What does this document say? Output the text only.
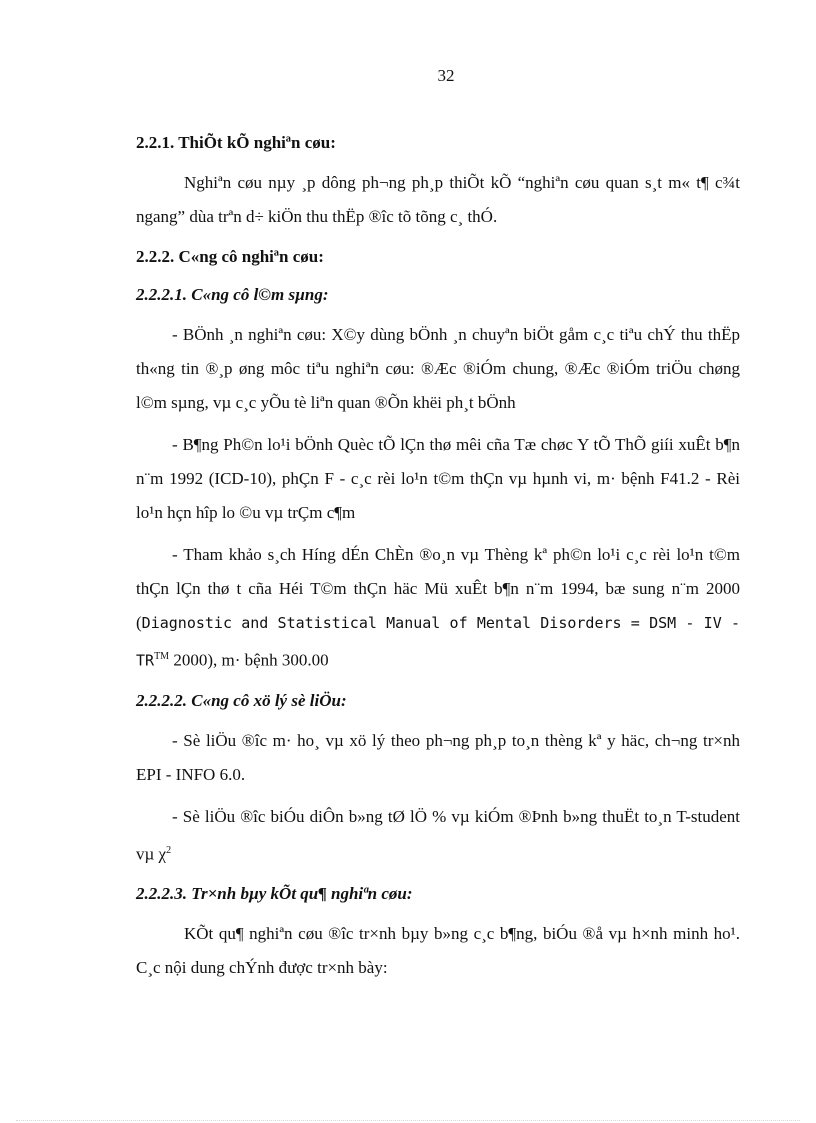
32
2.2.1. ThiÕt kÕ nghiªn cøu:

Nghiªn cøu nµy ¸p dông ph¬ng ph¸p thiÕt kÕ “nghiªn cøu quan s¸t m« t¶ c¾t ngang” dùa trªn d÷ kiÖn thu thËp ®îc tõ tõng c¸ thÓ.

2.2.2. C«ng cô nghiªn cøu:
2.2.2.1. C«ng cô l©m sµng:

- BÖnh ¸n nghiªn cøu: X©y dùng bÖnh ¸n chuyªn biÖt gåm c¸c tiªu chÝ thu thËp th«ng tin ®¸p øng môc tiªu nghiªn cøu: ®Æc ®iÓm chung, ®Æc ®iÓm triÖu chøng l©m sµng, vµ c¸c yÕu tè liªn quan ®Õn khëi ph¸t bÖnh

- B¶ng Ph©n lo¹i bÖnh Quèc tÕ lÇn thø mêi cña Tæ chøc Y tÕ ThÕ giíi xuÊt b¶n n¨m 1992 (ICD-10), phÇn F - c¸c rèi lo¹n t©m thÇn vµ hµnh vi, m· bệnh F41.2 - Rèi lo¹n hçn hîp lo ©u vµ trÇm c¶m

- Tham khảo s¸ch Híng dÉn ChÈn ®o¸n vµ Thèng kª ph©n lo¹i c¸c rèi lo¹n t©m thÇn lÇn thø t cña Héi T©m thÇn häc Mü xuÊt b¶n n¨m 1994, bæ sung n¨m 2000 (Diagnostic and Statistical Manual of Mental Disorders = DSM - IV - TR™ 2000), m· bệnh 300.00

2.2.2.2. C«ng cô xö lý sè liÖu:

- Sè liÖu ®îc m· ho¸ vµ xö lý theo ph¬ng ph¸p to¸n thèng kª y häc, ch¬ng tr×nh EPI - INFO 6.0.

- Sè liÖu ®îc biÓu diÔn b»ng tØ lÖ % vµ kiÓm ®Þnh b»ng thuËt to¸n T-student vµ $\chi^2$

2.2.2.3. Tr×nh bµy kÕt qu¶ nghiªn cøu:

KÕt qu¶ nghiªn cøu ®îc tr×nh bµy b»ng c¸c b¶ng, biÓu ®å vµ h×nh minh ho¹. C¸c nội dung chÝnh được tr×nh bày:
